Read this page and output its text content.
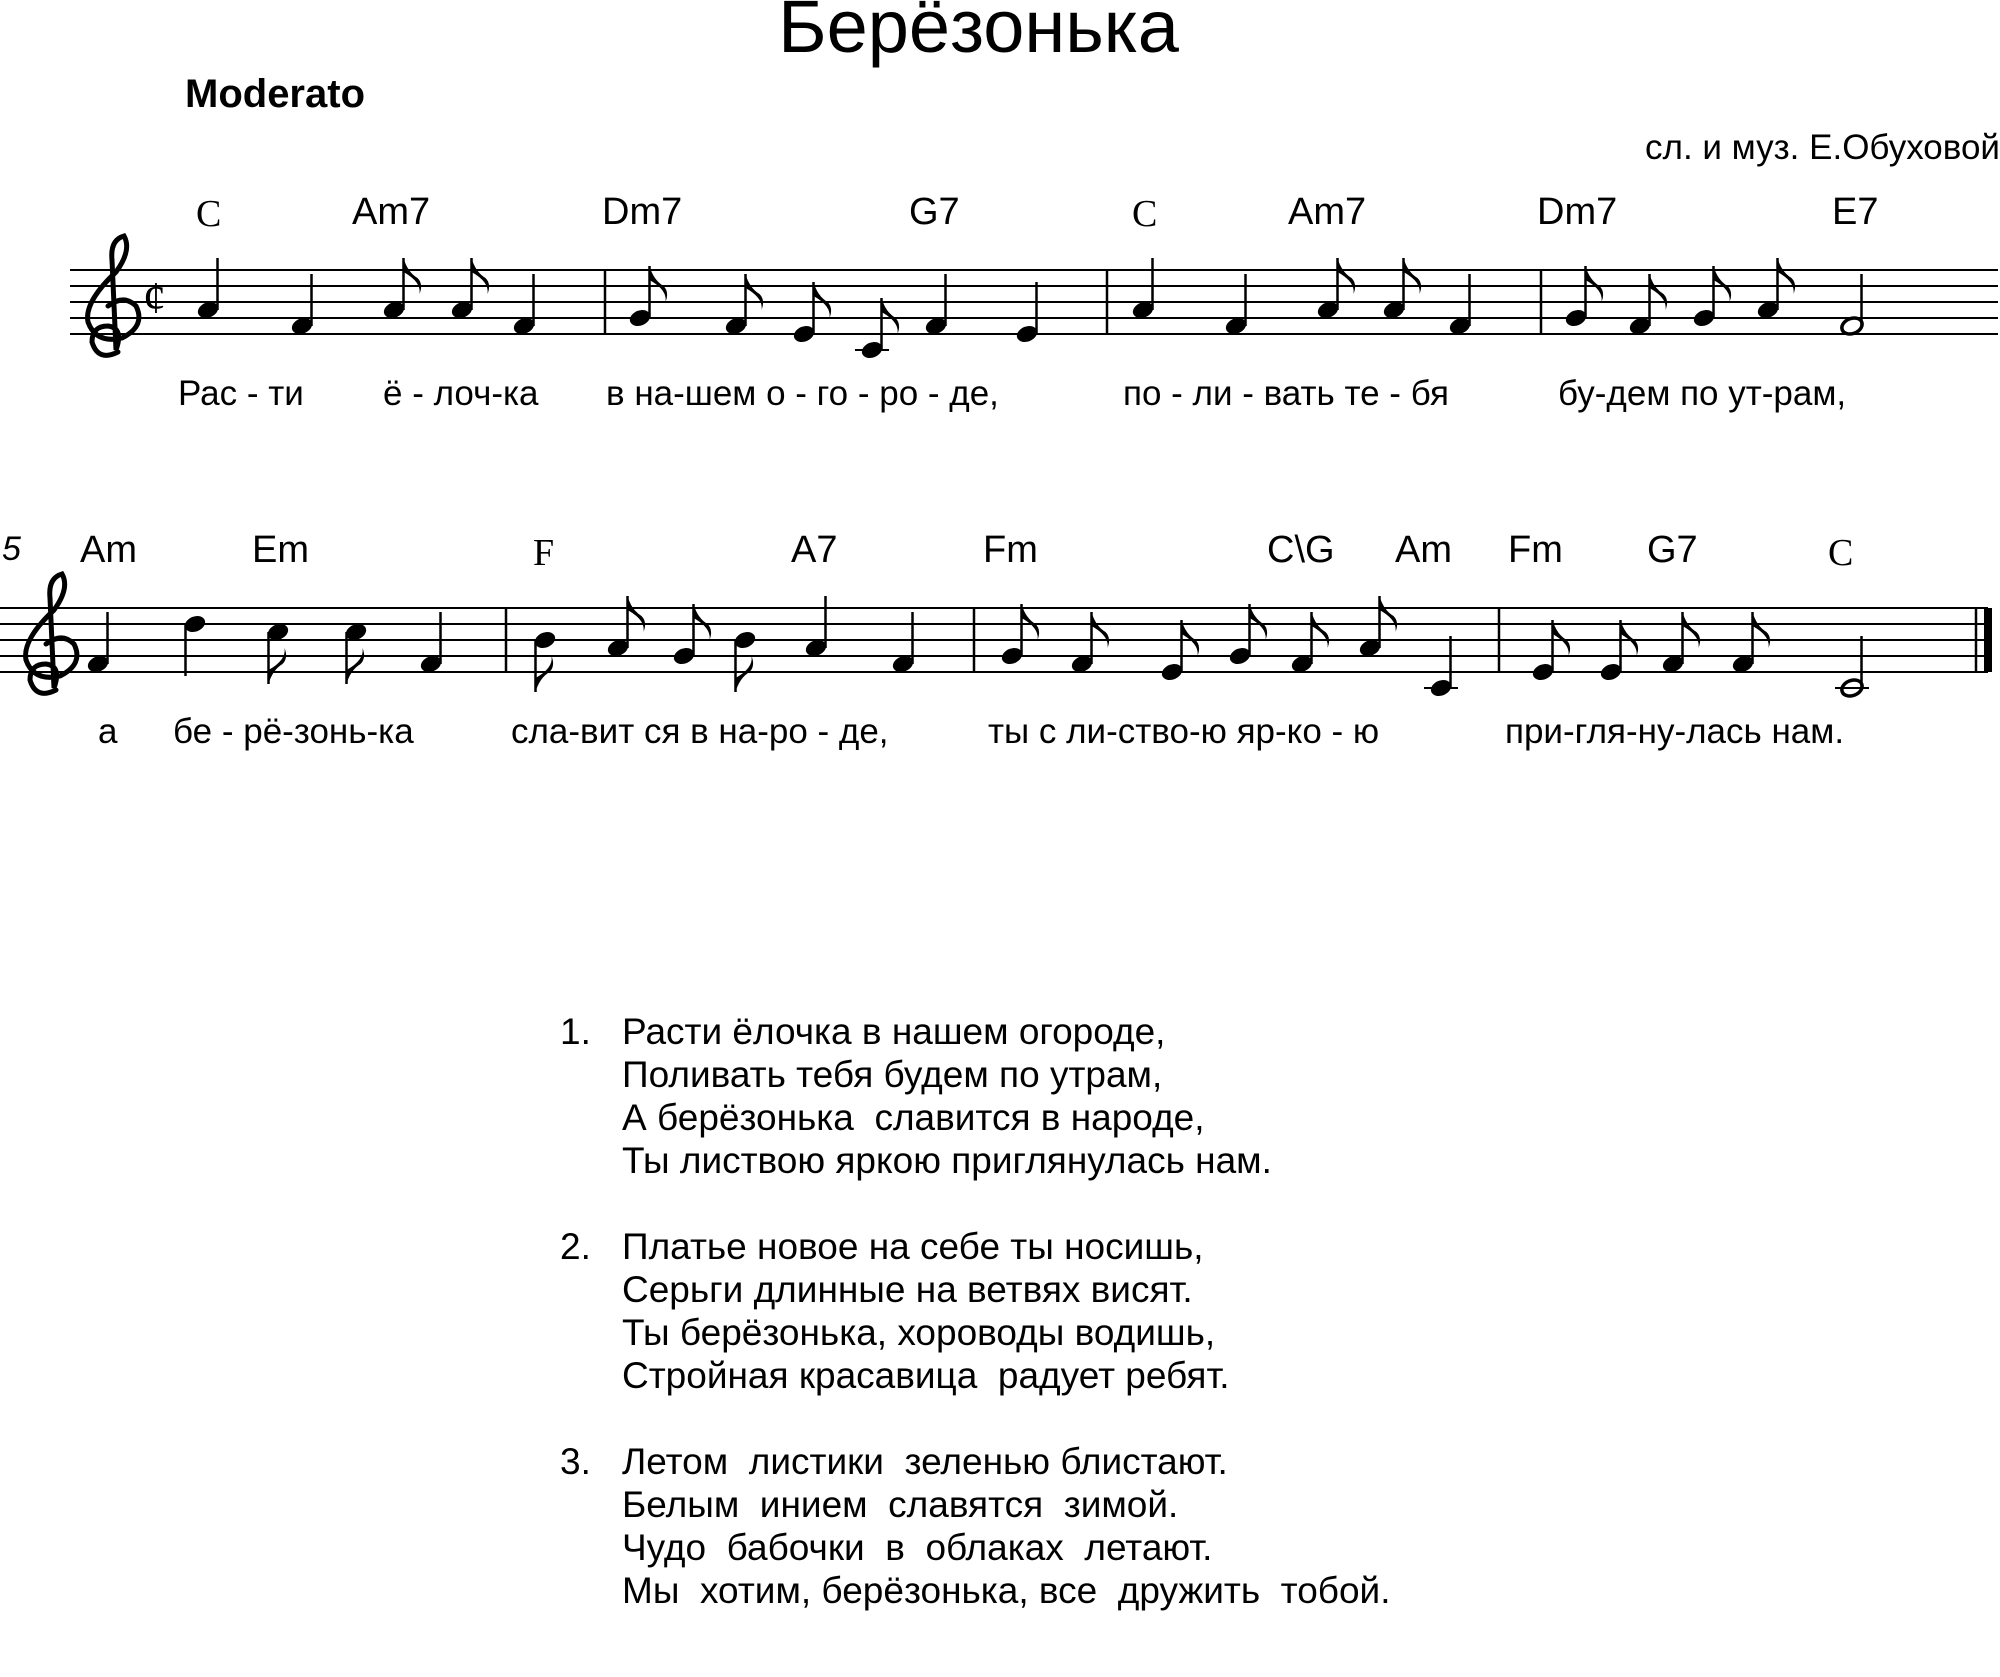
Берёзонька
Moderato
сл. и муз. Е.Обуховой
C	Am7	Dm7	G7	C	Am7	Dm7	E7
Рас - ти ё - лоч-ка в на-шем о - го - ро - де,	по - ли - вать те - бя	бу-дем по ут-рам,
5 Am	Em	F	A7	Fm	C\G Am Fm G7	C
а бе - рё-зонь-ка	сла-вит ся в на-ро - де,	ты с ли-ство-ю яр-ко - ю	при-гля-ну-лась нам.
¢
1. Расти ёлочка в нашем огороде,
Поливать тебя будем по утрам,
А берёзонька  славится в народе,
Ты листвою яркою приглянулась нам.
2. Платье новое на себе ты носишь,
Серьги длинные на ветвях висят.
Ты берёзонька, хороводы водишь,
Стройная красавица  радует ребят.
3. Летом  листики  зеленью блистают.
Белым  инием  славятся  зимой.
Чудо  бабочки  в  облаках  летают.
Мы  хотим, берёзонька, все  дружить  тобой.
